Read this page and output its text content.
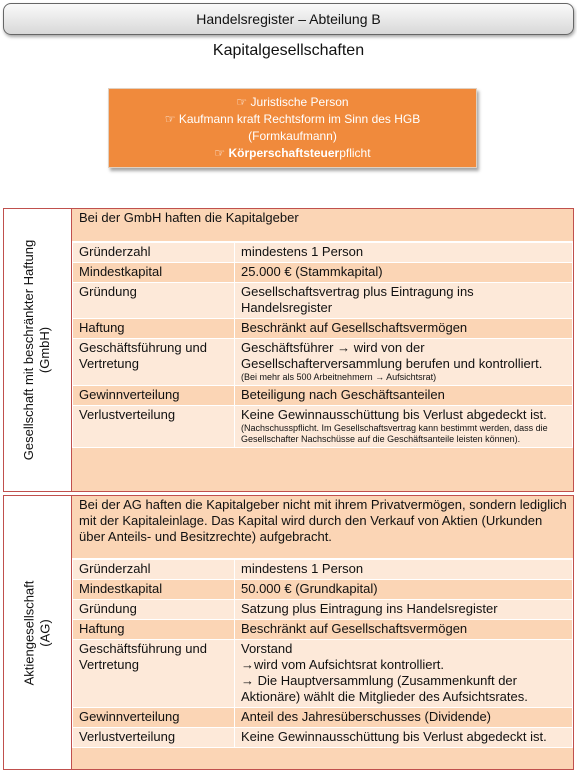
Handelsregister – Abteilung B
Kapitalgesellschaften
☞ Juristische Person
☞ Kaufmann kraft Rechtsform im Sinn des HGB
(Formkaufmann)
☞ Körperschaftsteuerpflicht
Gesellschaft mit beschränkter Haftung (GmbH)
Bei der GmbH haften die Kapitalgeber
Gründerzahl	mindestens 1 Person
Mindestkapital	25.000 € (Stammkapital)
Gründung	Gesellschaftsvertrag plus Eintragung ins Handelsregister
Haftung	Beschränkt auf Gesellschaftsvermögen
Geschäftsführung und Vertretung	Geschäftsführer → wird von der Gesellschafterversammlung berufen und kontrolliert.
(Bei mehr als 500 Arbeitnehmern → Aufsichtsrat)

Gewinnverteilung	Beteiligung nach Geschäftsanteilen
Verlustverteilung	Keine Gewinnausschüttung bis Verlust abgedeckt ist.
(Nachschusspflicht. Im Gesellschaftsvertrag kann bestimmt werden, dass die Gesellschafter Nachschüsse auf die Geschäftsanteile leisten können).
Aktiengesellschaft (AG)
Bei der AG haften die Kapitalgeber nicht mit ihrem Privatvermögen, sondern lediglich mit der Kapitaleinlage. Das Kapital wird durch den Verkauf von Aktien (Urkunden über Anteils- und Besitzrechte) aufgebracht.
Gründerzahl	mindestens 1 Person
Mindestkapital	50.000 € (Grundkapital)
Gründung	Satzung plus Eintragung ins Handelsregister
Haftung	Beschränkt auf Gesellschaftsvermögen
Geschäftsführung und Vertretung	Vorstand
→wird vom Aufsichtsrat kontrolliert.
→ Die Hauptversammlung (Zusammenkunft der Aktionäre) wählt die Mitglieder des Aufsichtsrates.

Gewinnverteilung	Anteil des Jahresüberschusses (Dividende)
Verlustverteilung	Keine Gewinnausschüttung bis Verlust abgedeckt ist.
